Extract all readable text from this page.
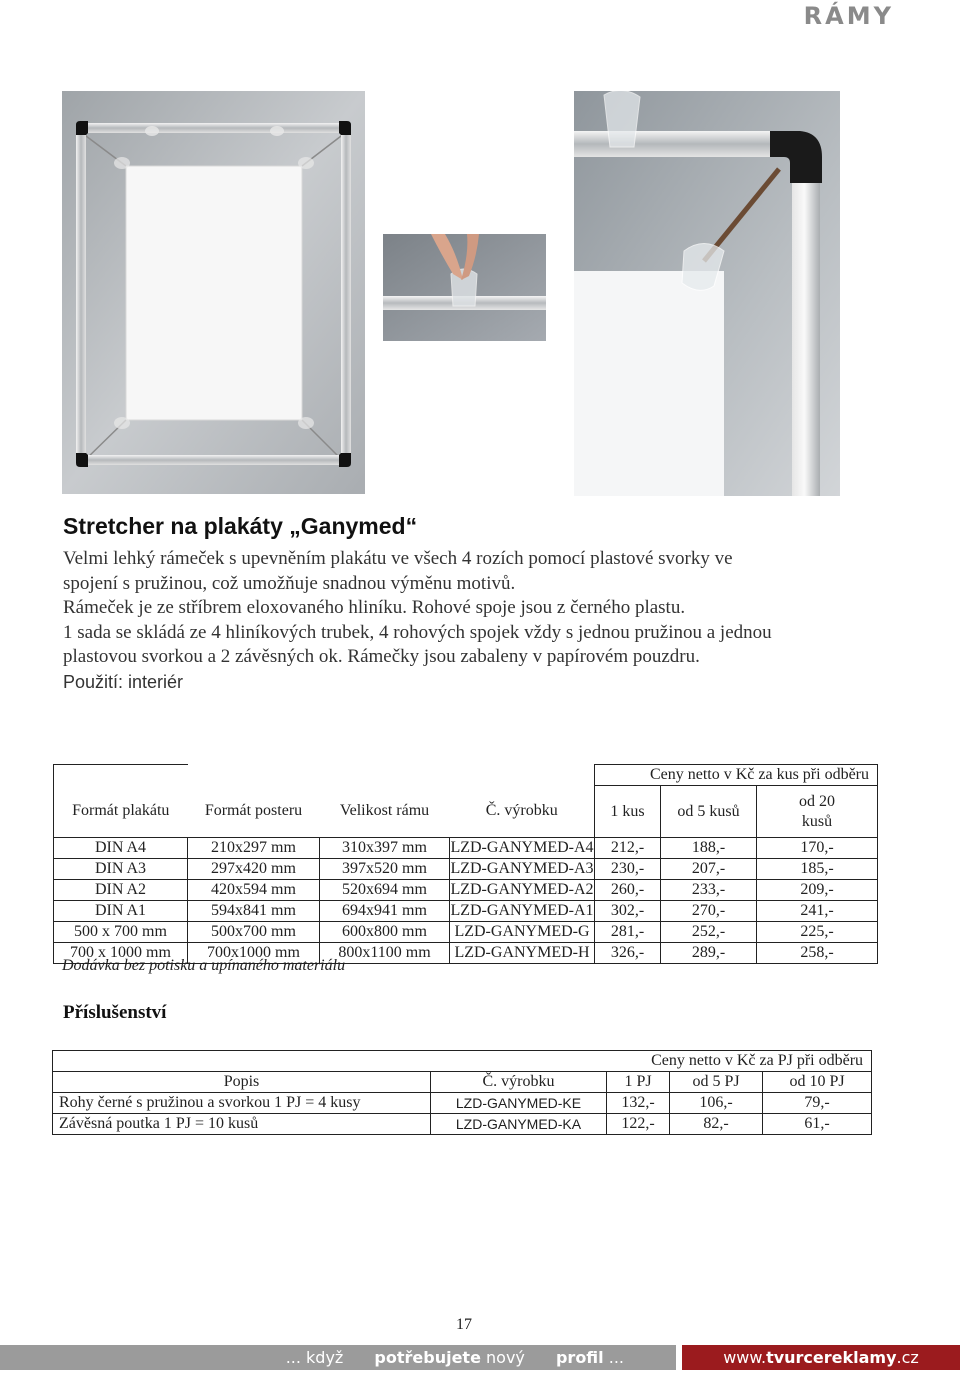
RÁMY
Stretcher na plakáty „Ganymed“
Velmi lehký rámeček s upevněním plakátu ve všech 4 rozích pomocí plastové svorky ve
spojení s pružinou, což umožňuje snadnou výměnu motivů.
Rámeček je ze stříbrem eloxovaného hliníku. Rohové spoje jsou z černého plastu.
1 sada se skládá ze 4 hliníkových trubek, 4 rohových spojek vždy s jednou pružinou a jednou
plastovou svorkou a 2 závěsných ok. Rámečky jsou zabaleny v papírovém pouzdru.
Použití: interiér
				Ceny netto v Kč za kus při odběru		
Formát plakátu	Formát posteru	Velikost rámu	Č. výrobku	1 kus	od 5 kusů	od 20
kusů
DIN A4	210x297 mm	310x397 mm	LZD-GANYMED-A4	212,-	188,-	170,-
DIN A3	297x420 mm	397x520 mm	LZD-GANYMED-A3	230,-	207,-	185,-
DIN A2	420x594 mm	520x694 mm	LZD-GANYMED-A2	260,-	233,-	209,-
DIN A1	594x841 mm	694x941 mm	LZD-GANYMED-A1	302,-	270,-	241,-
500 x 700 mm	500x700 mm	600x800 mm	LZD-GANYMED-G	281,-	252,-	225,-
700 x 1000 mm	700x1000 mm	800x1100 mm	LZD-GANYMED-H	326,-	289,-	258,-
Dodávka bez potisku a upínaného materiálu
Příslušenství
	Ceny netto v Kč za PJ při odběru			
Popis	Č. výrobku	1 PJ	od 5 PJ	od 10 PJ
Rohy černé s pružinou a svorkou 1 PJ = 4 kusy	LZD-GANYMED-KE	132,-	106,-	79,-
Závěsná poutka 1 PJ = 10 kusů	LZD-GANYMED-KA	122,-	82,-	61,-
17
... když potřebujete nový profil ...	www.tvurcereklamy.cz
